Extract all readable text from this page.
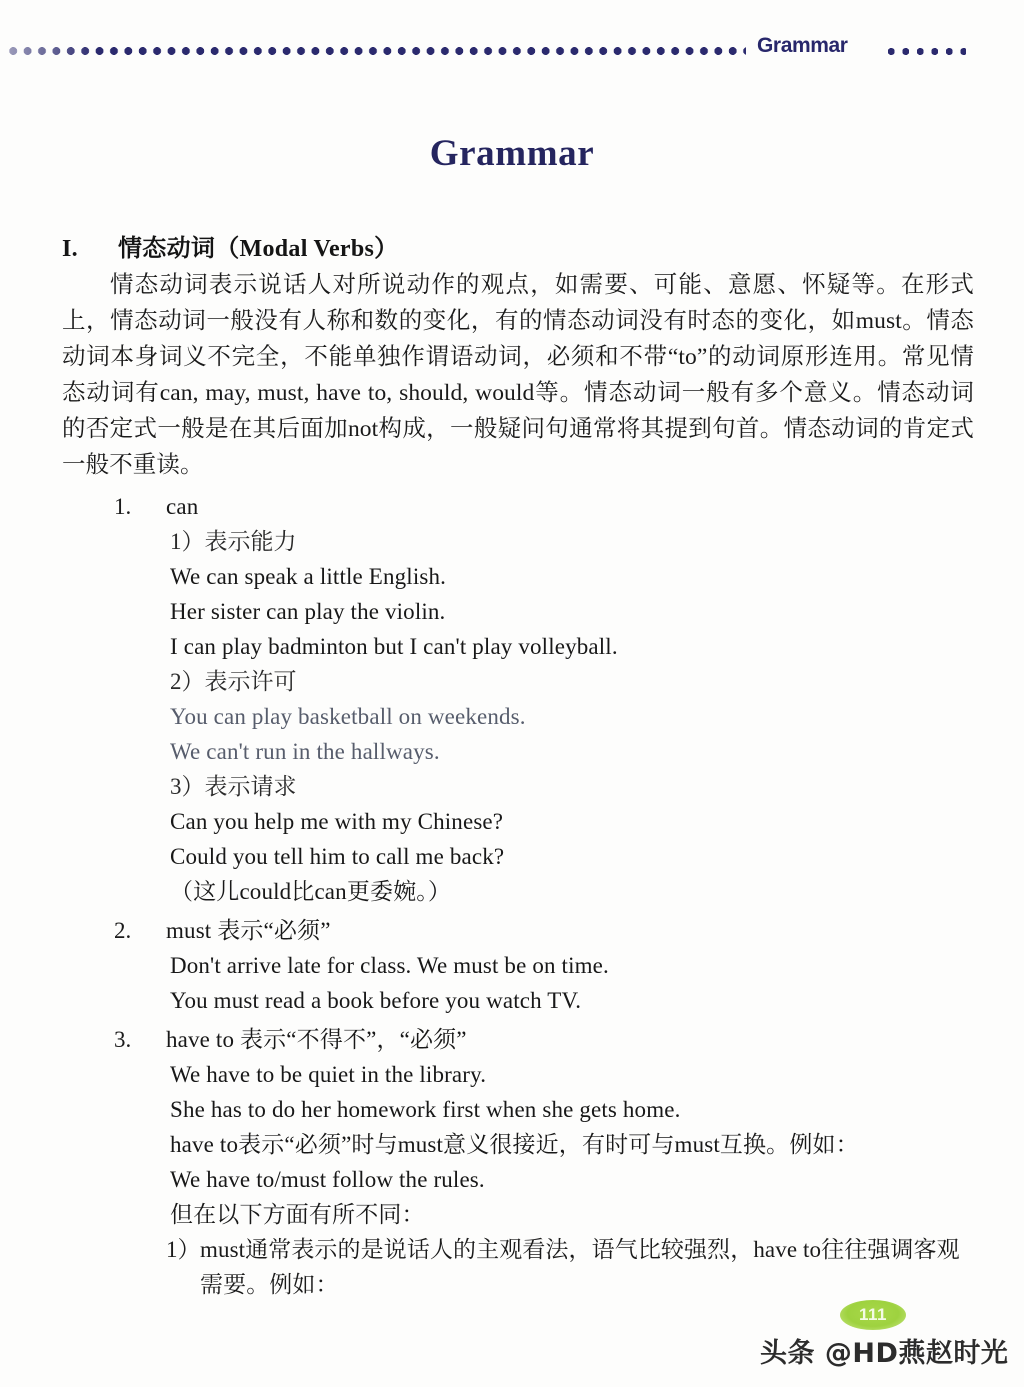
Grammar
Grammar
I.	情态动词（Modal Verbs）

情态动词表示说话人对所说动作的观点，如需要、可能、意愿、怀疑等。在形式上，情态动词一般没有人称和数的变化，有的情态动词没有时态的变化，如must。情态动词本身词义不完全，不能单独作谓语动词，必须和不带“to”的动词原形连用。常见情态动词有can, may, must, have to, should, would等。情态动词一般有多个意义。情态动词的否定式一般是在其后面加not构成，一般疑问句通常将其提到句首。情态动词的肯定式一般不重读。

1.	can
1）表示能力
We can speak a little English.
Her sister can play the violin.
I can play badminton but I can't play volleyball.
2）表示许可
You can play basketball on weekends.
We can't run in the hallways.
3）表示请求
Can you help me with my Chinese?
Could you tell him to call me back?
（这儿could比can更委婉。）
2.	must 表示“必须”
Don't arrive late for class. We must be on time.
You must read a book before you watch TV.
3.	have to 表示“不得不”，“必须”
We have to be quiet in the library.
She has to do her homework first when she gets home.
have to表示“必须”时与must意义很接近，有时可与must互换。例如：
We have to/must follow the rules.
但在以下方面有所不同：
1） must通常表示的是说话人的主观看法，语气比较强烈，have to往往强调客观需要。例如：
111
头条 @HD燕赵时光
